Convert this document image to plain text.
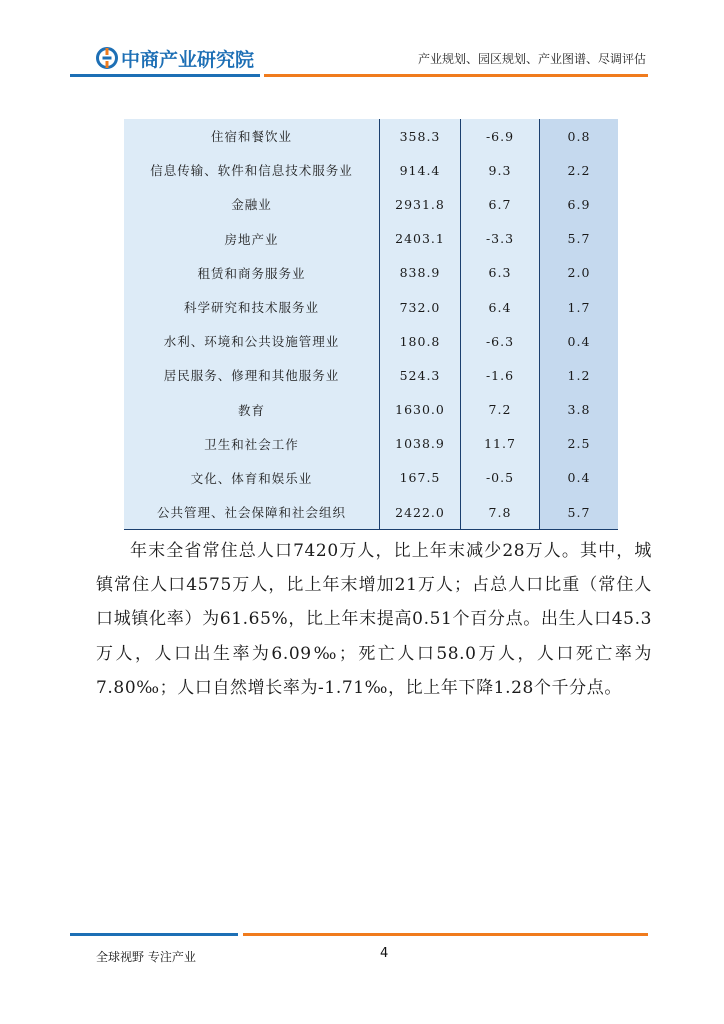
中商产业研究院	产业规划、园区规划、产业图谱、尽调评估
住宿和餐饮业	358.3	-6.9	0.8
信息传输、软件和信息技术服务业	914.4	9.3	2.2
金融业	2931.8	6.7	6.9
房地产业	2403.1	-3.3	5.7
租赁和商务服务业	838.9	6.3	2.0
科学研究和技术服务业	732.0	6.4	1.7
水利、环境和公共设施管理业	180.8	-6.3	0.4
居民服务、修理和其他服务业	524.3	-1.6	1.2
教育	1630.0	7.2	3.8
卫生和社会工作	1038.9	11.7	2.5
文化、体育和娱乐业	167.5	-0.5	0.4
公共管理、社会保障和社会组织	2422.0	7.8	5.7

年末全省常住总人口7420万人，比上年末减少28万人。其中，城镇常住人口4575万人，比上年末增加21万人；占总人口比重（常住人口城镇化率）为61.65%，比上年末提高0.51个百分点。出生人口45.3万人，人口出生率为6.09‰；死亡人口58.0万人，人口死亡率为7.80‰；人口自然增长率为-1.71‰，比上年下降1.28个千分点。

全球视野 专注产业	4
